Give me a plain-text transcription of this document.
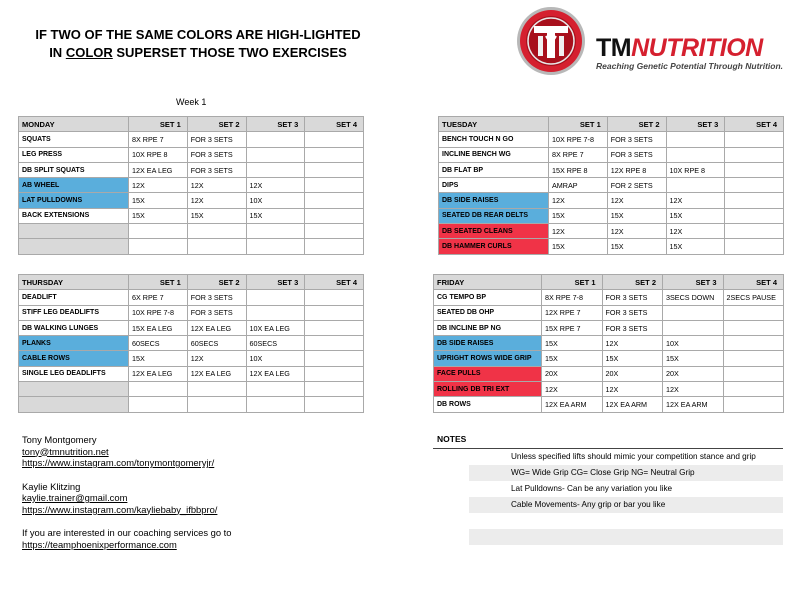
IF TWO OF THE SAME COLORS ARE HIGH-LIGHTED
IN COLOR SUPERSET THOSE TWO EXERCISES	TMNUTRITION
Reaching Genetic Potential Through Nutrition.
Week 1
MONDAY	SET 1	SET 2	SET 3	SET 4
SQUATS	8X RPE 7	FOR 3 SETS		
LEG PRESS	10X RPE 8	FOR 3 SETS		
DB SPLIT SQUATS	12X EA LEG	FOR 3 SETS		
AB WHEEL	12X	12X	12X	
LAT PULLDOWNS	15X	12X	10X	
BACK EXTENSIONS	15X	15X	15X	

TUESDAY	SET 1	SET 2	SET 3	SET 4
BENCH TOUCH N GO	10X RPE 7-8	FOR 3 SETS		
INCLINE BENCH WG	8X RPE 7	FOR 3 SETS		
DB FLAT BP	15X RPE 8	12X RPE 8	10X RPE 8	
DIPS	AMRAP	FOR 2 SETS		
DB SIDE RAISES	12X	12X	12X	
SEATED DB REAR DELTS	15X	15X	15X	
DB SEATED CLEANS	12X	12X	12X	
DB HAMMER CURLS	15X	15X	15X	
THURSDAY	SET 1	SET 2	SET 3	SET 4
DEADLIFT	6X RPE 7	FOR 3 SETS		
STIFF LEG DEADLIFTS	10X RPE 7-8	FOR 3 SETS		
DB WALKING LUNGES	15X EA LEG	12X EA LEG	10X EA LEG	
PLANKS	60SECS	60SECS	60SECS	
CABLE ROWS	15X	12X	10X	
SINGLE LEG DEADLIFTS	12X EA LEG	12X EA LEG	12X EA LEG	

FRIDAY	SET 1	SET 2	SET 3	SET 4
CG TEMPO BP	8X RPE 7-8	FOR 3 SETS	3SECS DOWN	2SECS PAUSE
SEATED DB OHP	12X RPE 7	FOR 3 SETS		
DB INCLINE BP NG	15X RPE 7	FOR 3 SETS		
DB SIDE RAISES	15X	12X	10X	
UPRIGHT ROWS WIDE GRIP	15X	15X	15X	
FACE PULLS	20X	20X	20X	
ROLLING DB TRI EXT	12X	12X	12X	
DB ROWS	12X EA ARM	12X EA ARM	12X EA ARM	
Tony Montgomery
tony@tmnutrition.net
https://www.instagram.com/tonymontgomeryjr/
Kaylie Klitzing
kaylie.trainer@gmail.com
https://www.instagram.com/kayliebaby_ifbbpro/
If you are interested in our coaching services go to
https://teamphoenixperformance.com
NOTES
Unless specified lifts should mimic your competition stance and grip
WG= Wide Grip CG= Close Grip NG= Neutral Grip
Lat Pulldowns- Can be any variation you like
Cable Movements- Any grip or bar you like
